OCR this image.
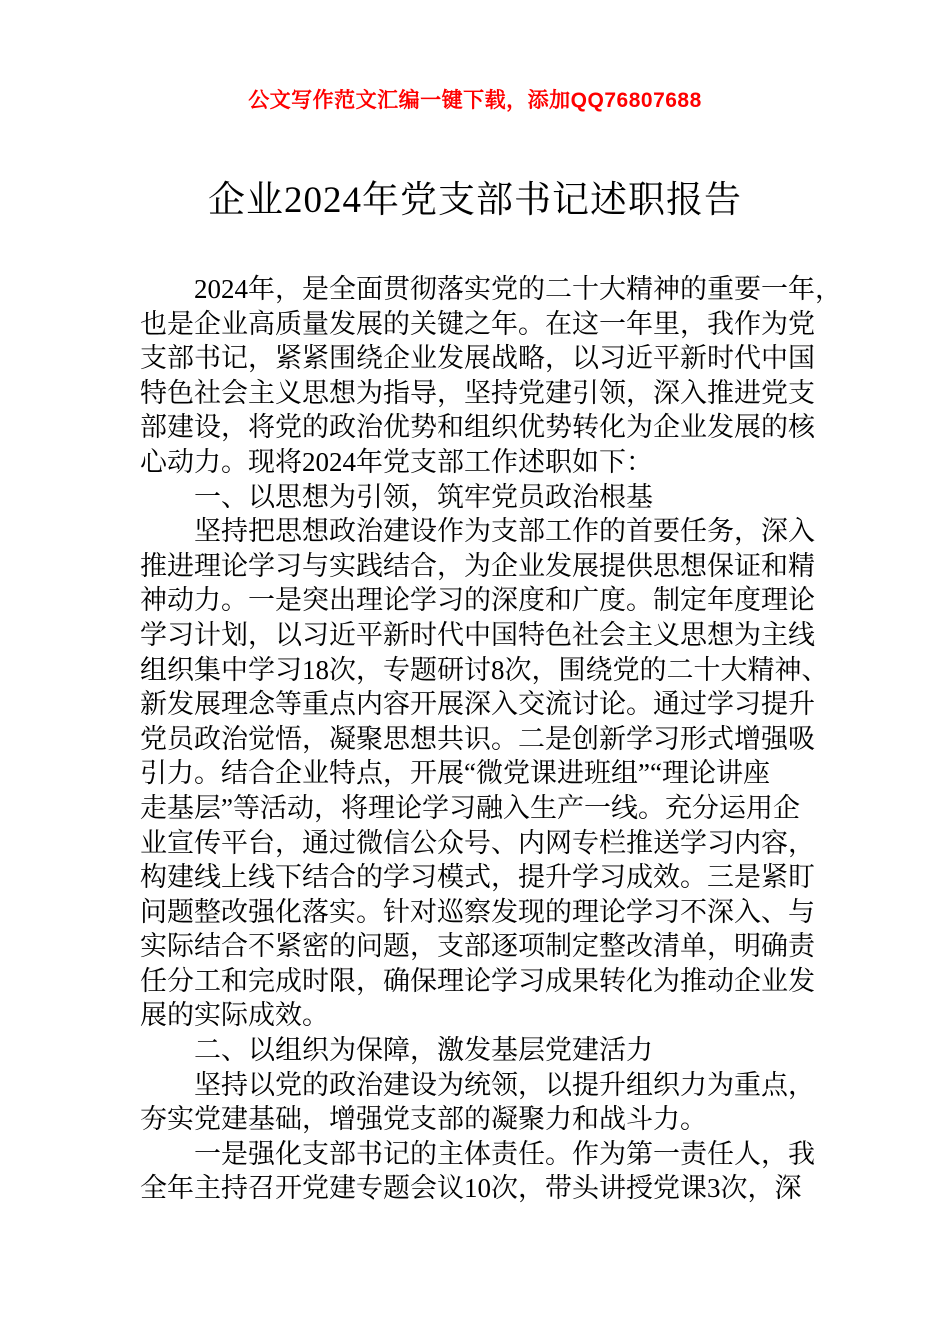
公文写作范文汇编一键下载，添加QQ76807688
企业2024年党支部书记述职报告
2024年，是全面贯彻落实党的二十大精神的重要一年，
也是企业高质量发展的关键之年。在这一年里，我作为党
支部书记，紧紧围绕企业发展战略，以习近平新时代中国
特色社会主义思想为指导，坚持党建引领，深入推进党支
部建设，将党的政治优势和组织优势转化为企业发展的核
心动力。现将2024年党支部工作述职如下：
一、以思想为引领，筑牢党员政治根基
坚持把思想政治建设作为支部工作的首要任务，深入
推进理论学习与实践结合，为企业发展提供思想保证和精
神动力。一是突出理论学习的深度和广度。制定年度理论
学习计划，以习近平新时代中国特色社会主义思想为主线
组织集中学习18次，专题研讨8次，围绕党的二十大精神、
新发展理念等重点内容开展深入交流讨论。通过学习提升
党员政治觉悟，凝聚思想共识。二是创新学习形式增强吸
引力。结合企业特点，开展“微党课进班组”“理论讲座
走基层”等活动，将理论学习融入生产一线。充分运用企
业宣传平台，通过微信公众号、内网专栏推送学习内容，
构建线上线下结合的学习模式，提升学习成效。三是紧盯
问题整改强化落实。针对巡察发现的理论学习不深入、与
实际结合不紧密的问题，支部逐项制定整改清单，明确责
任分工和完成时限，确保理论学习成果转化为推动企业发
展的实际成效。
二、以组织为保障，激发基层党建活力
坚持以党的政治建设为统领，以提升组织力为重点，
夯实党建基础，增强党支部的凝聚力和战斗力。
一是强化支部书记的主体责任。作为第一责任人，我
全年主持召开党建专题会议10次，带头讲授党课3次，深
